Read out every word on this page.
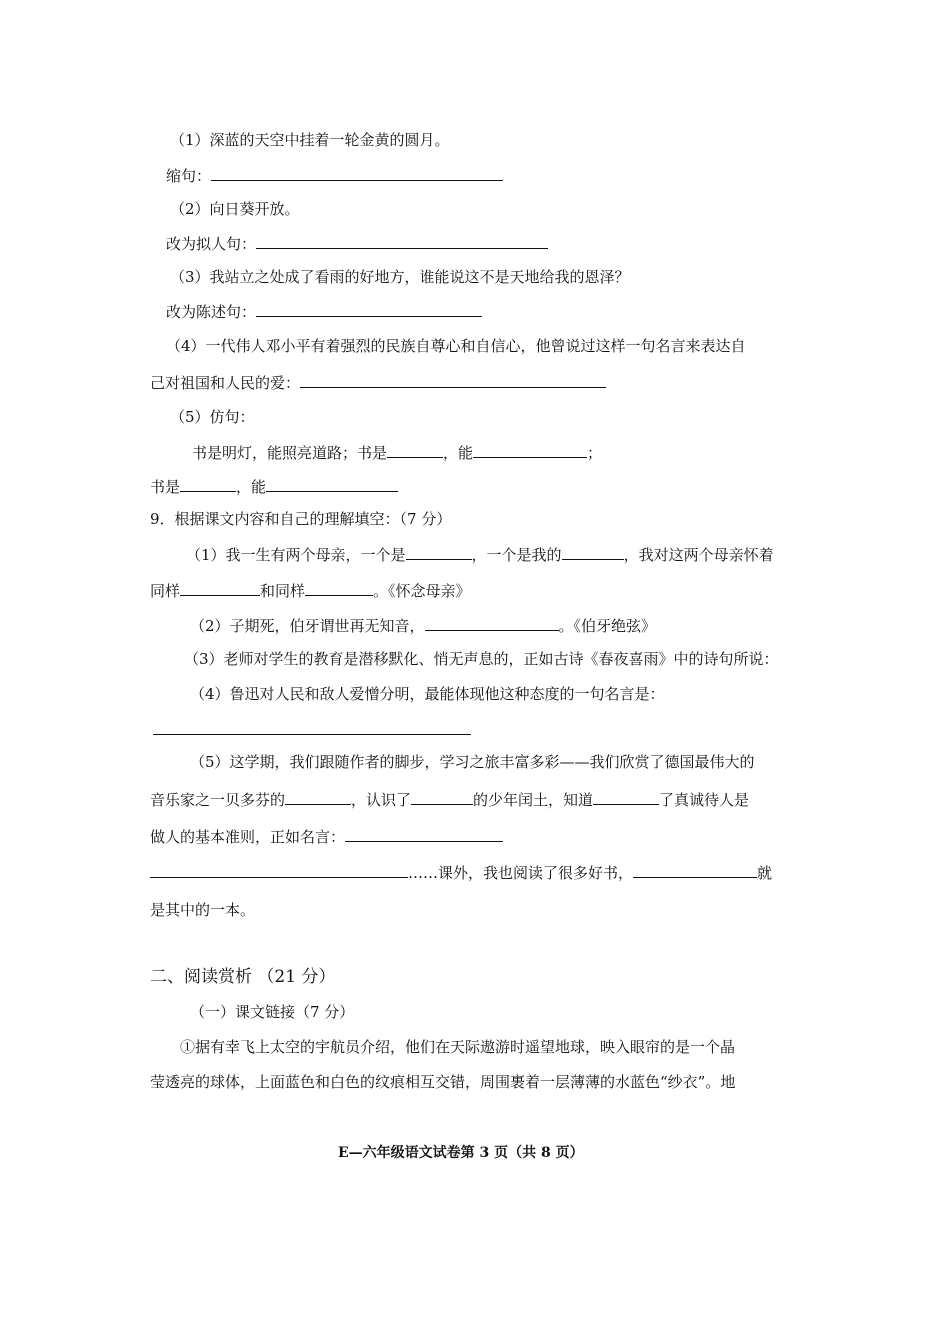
（1）深蓝的天空中挂着一轮金黄的圆月。
缩句：
（2）向日葵开放。
改为拟人句：
（3）我站立之处成了看雨的好地方，谁能说这不是天地给我的恩泽？
改为陈述句：
（4）一代伟人邓小平有着强烈的民族自尊心和自信心，他曾说过这样一句名言来表达自
己对祖国和人民的爱：
（5）仿句：
书是明灯，能照亮道路；书是	，能	；
书是	，能
9．根据课文内容和自己的理解填空：（7 分）
（1）我一生有两个母亲，一个是	，一个是我的	，我对这两个母亲怀着
同样	和同样	。《怀念母亲》
（2）子期死，伯牙谓世再无知音，	。《伯牙绝弦》
（3）老师对学生的教育是潜移默化、悄无声息的，正如古诗《春夜喜雨》中的诗句所说：
（4）鲁迅对人民和敌人爱憎分明，最能体现他这种态度的一句名言是：
（5）这学期，我们跟随作者的脚步，学习之旅丰富多彩——我们欣赏了德国最伟大的
音乐家之一贝多芬的	，认识了	的少年闰土，知道	了真诚待人是
做人的基本准则，正如名言：
……课外，我也阅读了很多好书，	就
是其中的一本。
二、阅读赏析 （21 分）
（一）课文链接（7 分）
①据有幸飞上太空的宇航员介绍，他们在天际遨游时遥望地球，映入眼帘的是一个晶
莹透亮的球体，上面蓝色和白色的纹痕相互交错，周围裹着一层薄薄的水蓝色“纱衣”。地
E—六年级语文试卷第 3 页（共 8 页）
